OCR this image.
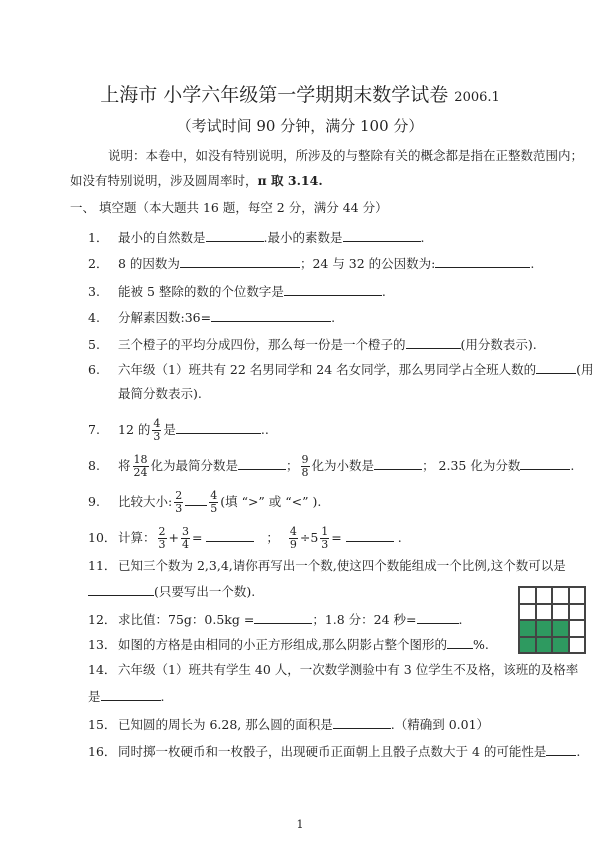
上海市 小学六年级第一学期期末数学试卷 2006.1
（考试时间 90 分钟，满分 100 分）
说明：本卷中，如没有特别说明，所涉及的与整除有关的概念都是指在正整数范围内；
如没有特别说明，涉及圆周率时，π 取 3.14.
一、 填空题（本大题共 16 题，每空 2 分，满分 44 分）
1． 最小的自然数是	.最小的素数是	.
2． 8 的因数为	；24 与 32 的公因数为:	.
3. 能被 5 整除的数的个位数字是	.
4. 分解素因数:36=	.
5. 三个橙子的平均分成四份，那么每一份是一个橙子的	(用分数表示).
6. 六年级（1）班共有 22 名男同学和 24 名女同学，那么男同学占全班人数的	(用
最简分数表示).
7. 12 的 $\frac{4}{3}$ 是	..
8. 将 $\frac{18}{24}$ 化为最简分数是	； $\frac{9}{8}$ 化为小数是	； 2.35 化为分数	.
9. 比较大小: $\frac{2}{3} \frac{4}{5}$ (填 “>” 或 “<” ).
10． 计算： $\frac{2}{3} + \frac{3}{4}$ =	； $\frac{4}{9} \div 5 \frac{1}{3}$ =	.
11． 已知三个数为 2,3,4,请你再写出一个数,使这四个数能组成一个比例,这个数可以是
(只要写出一个数).
12． 求比值：75g：0.5kg =	；1.8 分：24 秒=	.
13． 如图的方格是由相同的小正方形组成,那么阴影占整个图形的 %.
14． 六年级（1）班共有学生 40 人，一次数学测验中有 3 位学生不及格，该班的及格率
是	.
15． 已知圆的周长为 6.28, 那么圆的面积是	.（精确到 0.01）
16． 同时掷一枚硬币和一枚骰子，出现硬币正面朝上且骰子点数大于 4 的可能性是 .
1
